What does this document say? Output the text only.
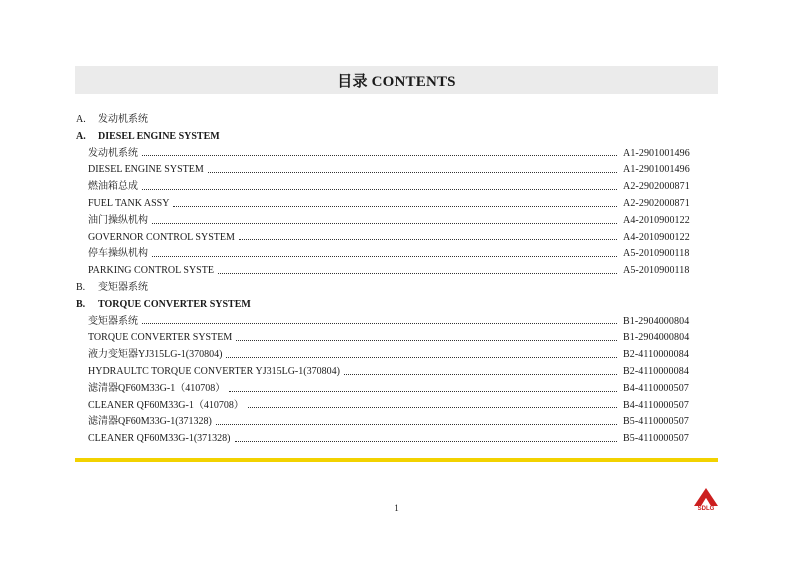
目录 CONTENTS
A.	发动机系统
A.	DIESEL ENGINE SYSTEM
发动机系统	A1-2901001496
DIESEL ENGINE SYSTEM	A1-2901001496
燃油箱总成	A2-2902000871
FUEL TANK ASSY	A2-2902000871
油门操纵机构	A4-2010900122
GOVERNOR CONTROL SYSTEM	A4-2010900122
停车操纵机构	A5-2010900118
PARKING CONTROL SYSTE	A5-2010900118
B.	变矩器系统
B.	TORQUE CONVERTER SYSTEM
变矩器系统	B1-2904000804
TORQUE CONVERTER SYSTEM	B1-2904000804
液力变矩器YJ315LG-1(370804)	B2-4110000084
HYDRAULTC TORQUE CONVERTER YJ315LG-1(370804)	B2-4110000084
滤清器QF60M33G-1（410708）	B4-4110000507
CLEANER QF60M33G-1（410708）	B4-4110000507
滤清器QF60M33G-1(371328)	B5-4110000507
CLEANER QF60M33G-1(371328)	B5-4110000507
1	SDLG
